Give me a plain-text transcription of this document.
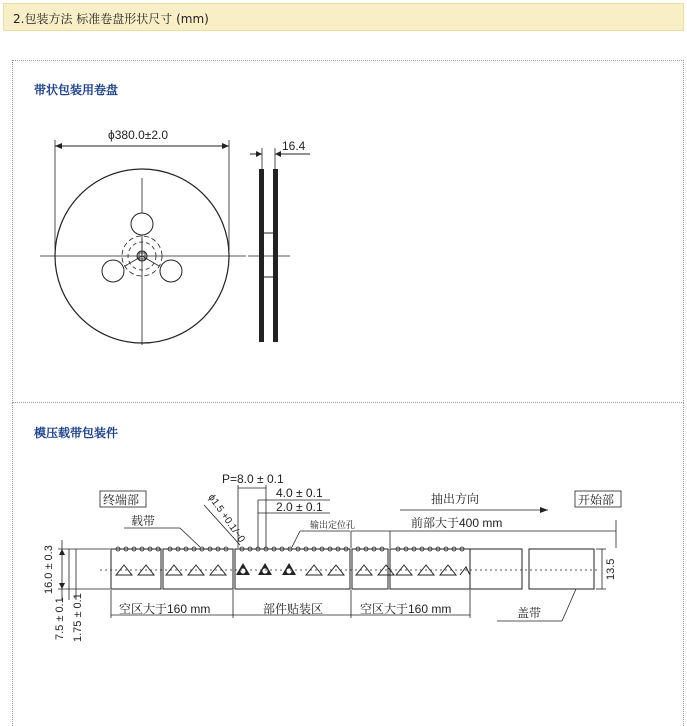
2.包装方法 标准卷盘形状尺寸 (mm)
带状包装用卷盘
模压载带包装件
ϕ380.0±2.0
16.4
16.0 ± 0.3
7.5 ± 0.1 1.75 ± 0.1
13.5
P=8.0 ± 0.1
4.0 ± 0.1
2.0 ± 0.1
ϕ1.5 +0.1/−0
终端部
载带	输出定位孔
抽出方向	开始部
前部大于400 mm
空区大于160 mm	部件贴装区	空区大于160 mm	盖带
